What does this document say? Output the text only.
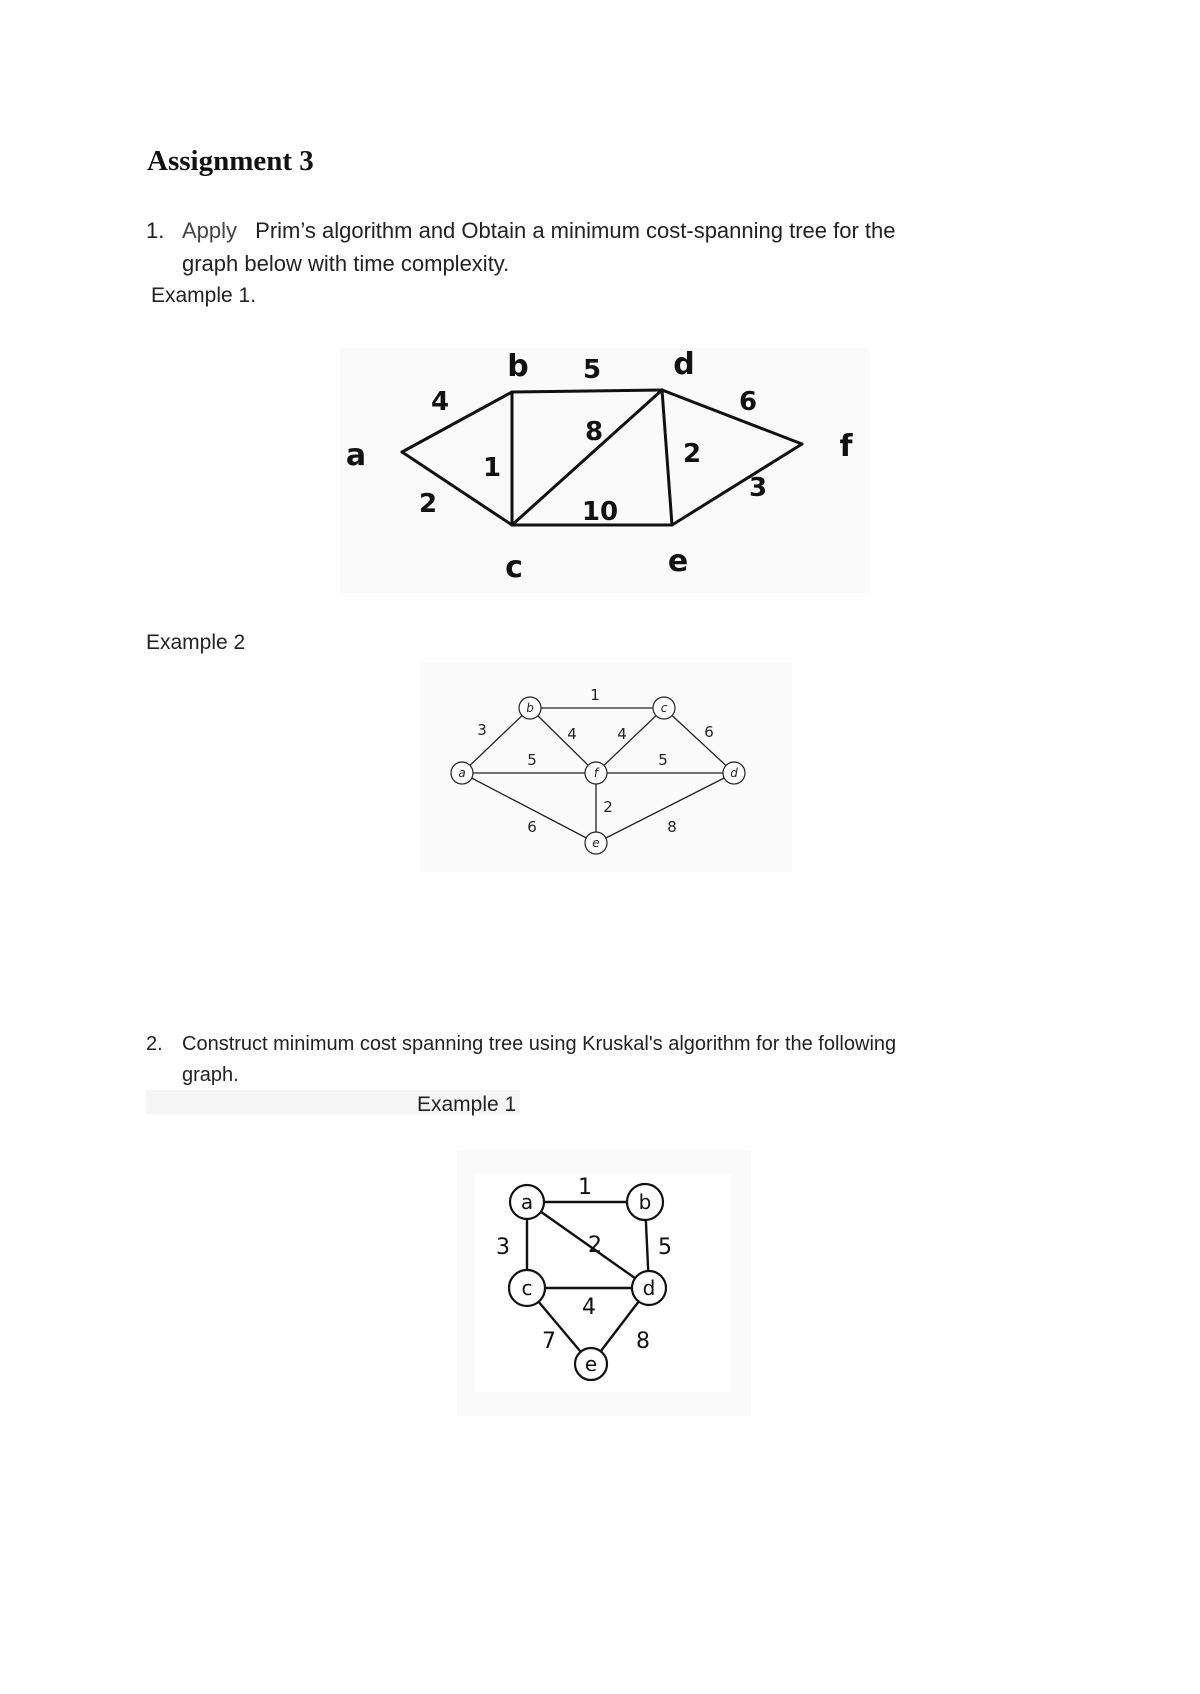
Assignment 3
1. Apply Prim’s algorithm and Obtain a minimum cost-spanning tree for the
graph below with time complexity.
Example 1.
a
b
c
d
e
f
4
2
1
5
8
10
2
6
3
Example 2
a
b	c
d
e
f
3
1
4	4	6
5	5
2
6	8
2. Construct minimum cost spanning tree using Kruskal's algorithm for the following
graph.
Example 1
a	b
c	d
e
1
3	2	5
4
7	8
